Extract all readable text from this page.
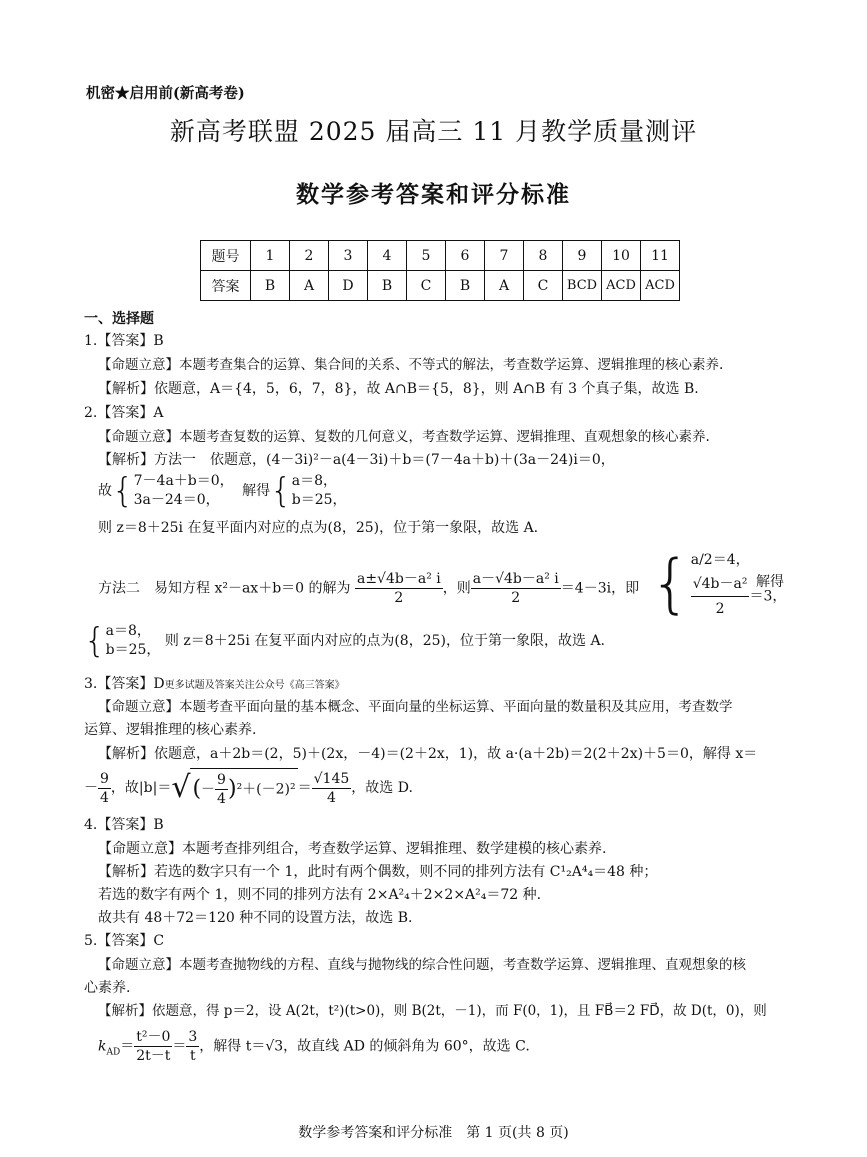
机密★启用前(新高考卷)
新高考联盟 2025 届高三 11 月教学质量测评
数学参考答案和评分标准
题号	1	2	3	4	5	6	7	8	9	10	11
答案	B	A	D	B	C	B	A	C	BCD	ACD	ACD
一、选择题
1.【答案】B
【命题立意】本题考查集合的运算、集合间的关系、不等式的解法，考查数学运算、逻辑推理的核心素养.
【解析】依题意，A＝{4，5，6，7，8}，故 A∩B＝{5，8}，则 A∩B 有 3 个真子集，故选 B.
2.【答案】A
【命题立意】本题考查复数的运算、复数的几何意义，考查数学运算、逻辑推理、直观想象的核心素养.
【解析】方法一　依题意，(4－3i)²－a(4－3i)＋b＝(7－4a＋b)＋(3a－24)i＝0，
故{ 7－4a＋b＝0，
3a－24＝0，
解得{ a＝8，
b＝25，
则 z＝8＋25i 在复平面内对应的点为(8，25)，位于第一象限，故选 A.
方法二　易知方程 x²－ax＋b＝0 的解为 $\frac{\text{a±√4b－a² i}}{2}$ ，则 $\frac{\text{a－√4b－a² i}}{2} =4-3i$，即 { a/2＝4，
$\frac{\text{√4b－a²}}{2} =3$，
解得
{ a＝8，
b＝25，
则 z＝8＋25i 在复平面内对应的点为(8，25)，位于第一象限，故选 A.
3.【答案】D更多试题及答案关注公众号《高三答案》
【命题立意】本题考查平面向量的基本概念、平面向量的坐标运算、平面向量的数量积及其应用，考查数学
运算、逻辑推理的核心素养.
【解析】依题意，a＋2b＝(2，5)＋(2x，－4)＝(2＋2x，1)，故 a·(a＋2b)＝2(2＋2x)＋5＝0，解得 x＝
－ $\frac{9}{4}$ ，故$|b|=√(- \frac{9}{4} )^2+(-2)^2 = \frac{√145}{4}$ ，故选 D.
4.【答案】B
【命题立意】本题考查排列组合，考查数学运算、逻辑推理、数学建模的核心素养.
【解析】若选的数字只有一个 1，此时有两个偶数，则不同的排列方法有 C¹₂A⁴₄＝48 种；
若选的数字有两个 1，则不同的排列方法有 2×A²₄＋2×2×A²₄＝72 种.
故共有 48＋72＝120 种不同的设置方法，故选 B.
5.【答案】C
【命题立意】本题考查抛物线的方程、直线与抛物线的综合性问题，考查数学运算、逻辑推理、直观想象的核
心素养.
【解析】依题意，得 p＝2，设 A(2t，t²)(t>0)，则 B(2t，－1)，而 F(0，1)，且 FB⃗＝2 FD⃗，故 D(t，0)，则
$k_{AD}= \frac{\text{t²－0}}{2t-t} = \frac{3}{t}$ ，解得 t＝√3，故直线 AD 的倾斜角为 60°，故选 C.
数学参考答案和评分标准　第 1 页(共 8 页)
